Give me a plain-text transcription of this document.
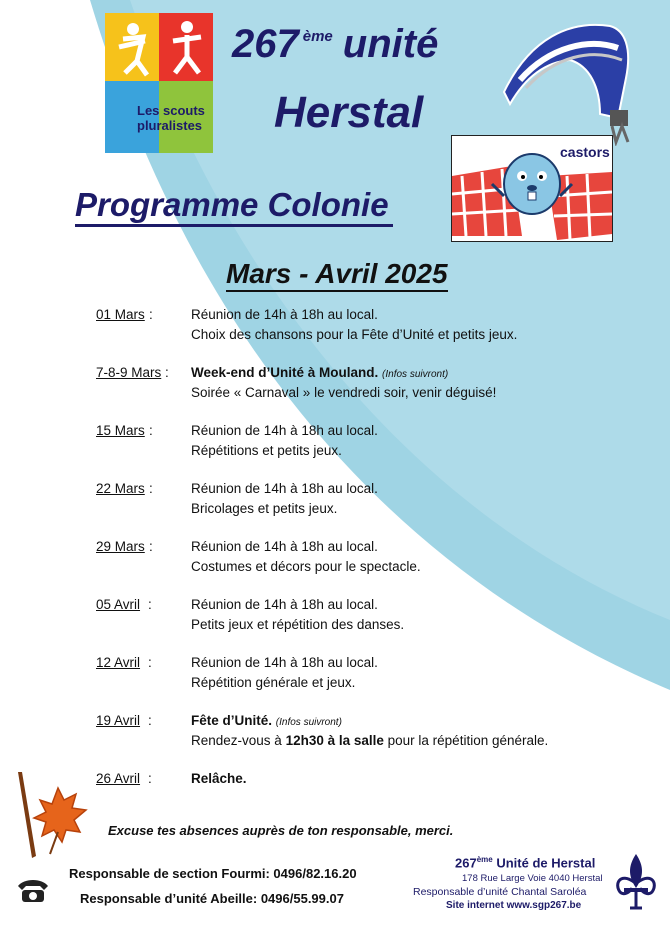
Les scouts
pluralistes
267 $^{ème}$ unité
Herstal
castors
Programme Colonie
Mars - Avril 2025
01 Mars :	Réunion de 14h à 18h au local.
Choix des chansons pour la Fête d’Unité et petits jeux.
7-8-9 Mars : Week-end d’Unité à Mouland. (Infos suivront)
Soirée « Carnaval » le vendredi soir, venir déguisé!
15 Mars :	Réunion de 14h à 18h au local.
Répétitions et petits jeux.
22 Mars :	Réunion de 14h à 18h au local.
Bricolages et petits jeux.
29 Mars :	Réunion de 14h à 18h au local.
Costumes et décors pour le spectacle.
05 Avril :	Réunion de 14h à 18h au local.
Petits jeux et répétition des danses.
12 Avril :	Réunion de 14h à 18h au local.
Répétition générale et jeux.
19 Avril :	Fête d’Unité. (Infos suivront)
Rendez-vous à 12h30 à la salle pour la répétition générale.
26 Avril :	Relâche.
Excuse tes absences auprès de ton responsable, merci.
Responsable de section Fourmi: 0496/82.16.20
Responsable d’unité Abeille: 0496/55.99.07
267ème Unité de Herstal
178 Rue Large Voie 4040 Herstal
Responsable d’unité Chantal Saroléa
Site internet www.sgp267.be
